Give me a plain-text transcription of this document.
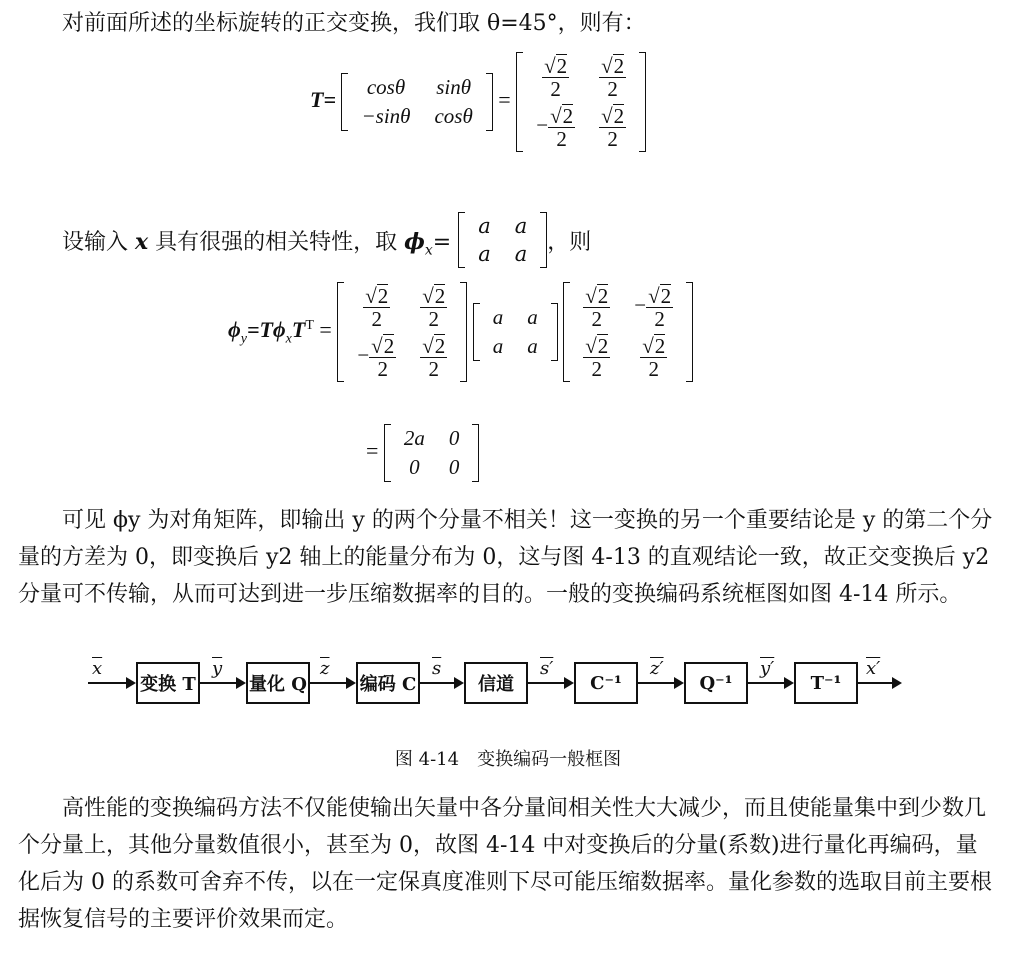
对前面所述的坐标旋转的正交变换，我们取 θ=45°，则有：
T=
cosθ	sinθ
−sinθ	cosθ
= $\frac{√2}{2}$	$\frac{√2}{2}$

− $\frac{√2}{2}$	$\frac{√2}{2}$
设输入 x 具有很强的相关特性，取 $\phi_x=$
a	a
a	a ，则
$\phi_y=T\phi_xT^T = \frac{√2}{2}$	$\frac{√2}{2}$

− $\frac{√2}{2}$	$\frac{√2}{2}$

a	a
a	a

$\frac{√2}{2}$	− $\frac{√2}{2}$

$\frac{√2}{2}$	$\frac{√2}{2}$
=
2a	0
0	0

可见 ϕy 为对角矩阵，即输出 y 的两个分量不相关！这一变换的另一个重要结论是 y 的第二个分量的方差为 0，即变换后 y2 轴上的能量分布为 0，这与图 4-13 的直观结论一致，故正交变换后 y2 分量可不传输，从而可达到进一步压缩数据率的目的。一般的变换编码系统框图如图 4-14 所示。

变换 T	量化 Q	编码 C	信道	C⁻¹	Q⁻¹	T⁻¹
$\overline{x}$	$\overline{y}$	$\overline{z}$	$\overline{s}$	s′	z′	y′	x′
图 4-14　变换编码一般框图

高性能的变换编码方法不仅能使输出矢量中各分量间相关性大大减少，而且使能量集中到少数几个分量上，其他分量数值很小，甚至为 0，故图 4-14 中对变换后的分量(系数)进行量化再编码，量化后为 0 的系数可舍弃不传，以在一定保真度准则下尽可能压缩数据率。量化参数的选取目前主要根据恢复信号的主要评价效果而定。
